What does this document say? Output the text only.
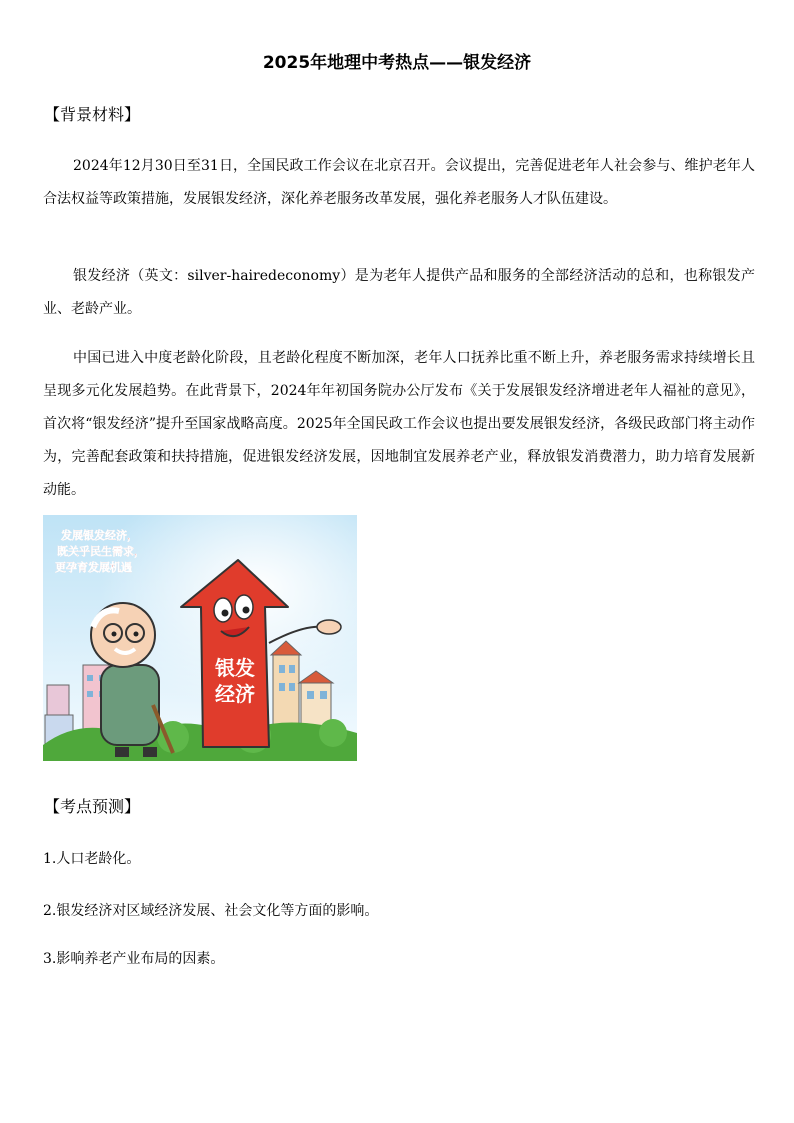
2025年地理中考热点——银发经济
【背景材料】

2024年12月30日至31日，全国民政工作会议在北京召开。会议提出，完善促进老年人社会参与、维护老年人合法权益等政策措施，发展银发经济，深化养老服务改革发展，强化养老服务人才队伍建设。

银发经济（英文：silver-hairedeconomy）是为老年人提供产品和服务的全部经济活动的总和，也称银发产业、老龄产业。

中国已进入中度老龄化阶段，且老龄化程度不断加深，老年人口抚养比重不断上升，养老服务需求持续增长且呈现多元化发展趋势。在此背景下，2024年年初国务院办公厅发布《关于发展银发经济增进老年人福祉的意见》，首次将“银发经济”提升至国家战略高度。2025年全国民政工作会议也提出要发展银发经济，各级民政部门将主动作为，完善配套政策和扶持措施，促进银发经济发展，因地制宜发展养老产业，释放银发消费潜力，助力培育发展新动能。

发展银发经济，
既关乎民生需求，
更孕育发展机遇
银发
经济
【考点预测】
1.人口老龄化。
2.银发经济对区域经济发展、社会文化等方面的影响。
3.影响养老产业布局的因素。
